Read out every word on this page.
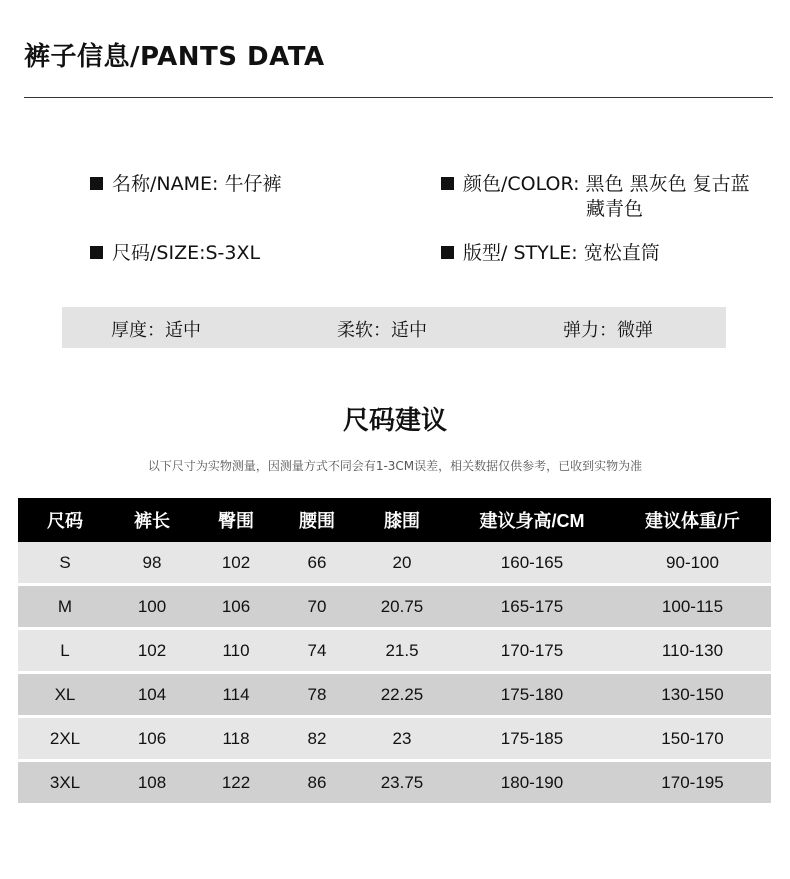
裤子信息/PANTS DATA
名称/NAME: 牛仔裤	颜色/COLOR: 黑色 黑灰色 复古蓝
藏青色
尺码/SIZE:S-3XL	版型/ STYLE: 宽松直筒
厚度：适中	柔软：适中	弹力：微弹
尺码建议
以下尺寸为实物测量，因测量方式不同会有1-3CM误差，相关数据仅供参考，已收到实物为准
尺码	裤长	臀围	腰围	膝围	建议身高/CM	建议体重/斤
S	98	102	66	20	160-165	90-100
M	100	106	70	20.75	165-175	100-115
L	102	110	74	21.5	170-175	110-130
XL	104	114	78	22.25	175-180	130-150
2XL	106	118	82	23	175-185	150-170
3XL	108	122	86	23.75	180-190	170-195
